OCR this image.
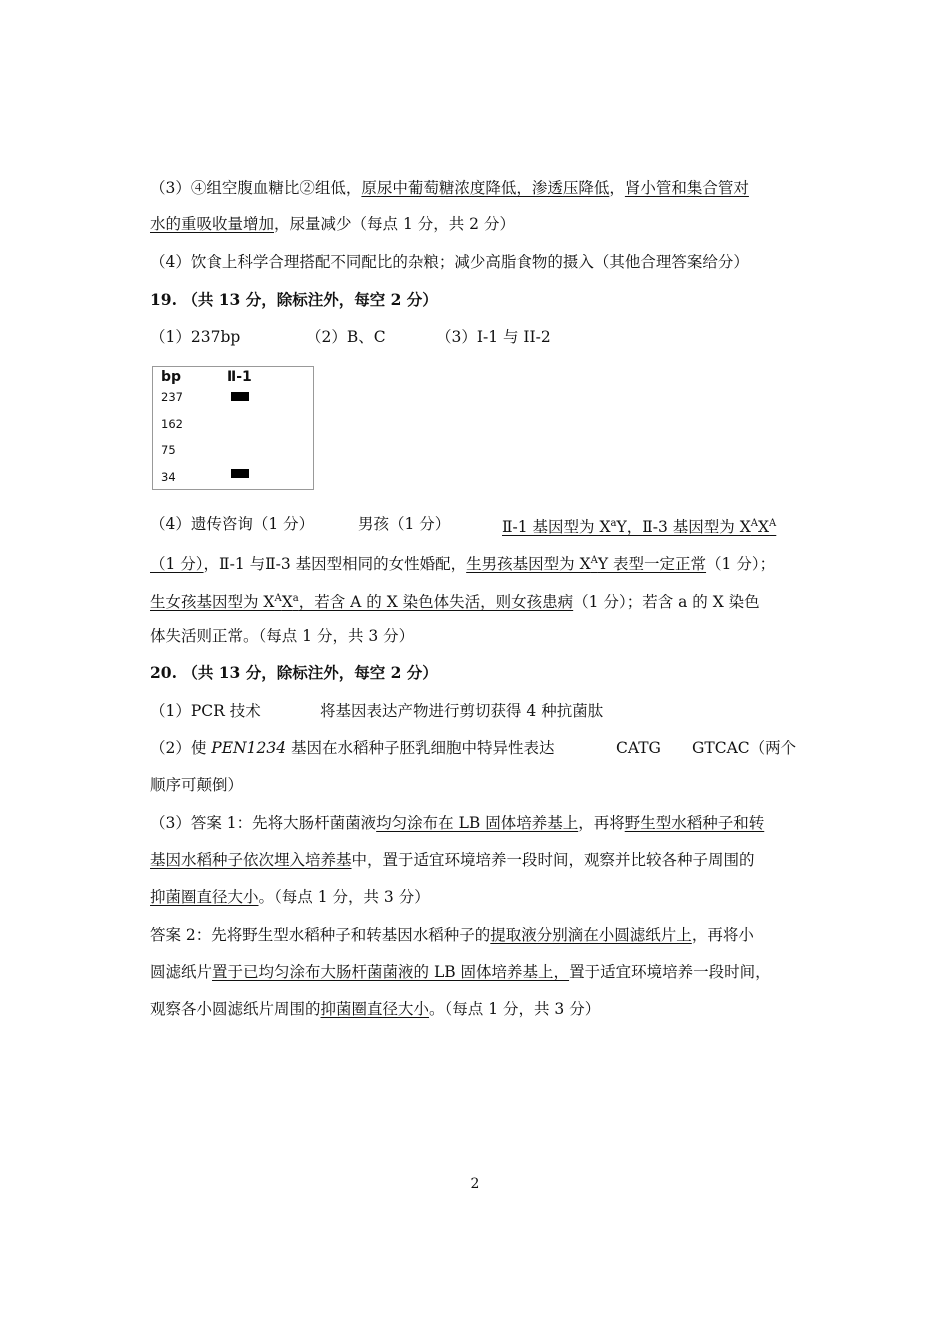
（3）④组空腹血糖比②组低，原尿中葡萄糖浓度降低，渗透压降低，肾小管和集合管对
水的重吸收量增加，尿量减少（每点 1 分，共 2 分）
（4）饮食上科学合理搭配不同配比的杂粮；减少高脂食物的摄入（其他合理答案给分）
19. （共 13 分，除标注外，每空 2 分）
（1）237bp	（2）B、C	（3）I-1 与 II-2
bp	Ⅱ-1
237
162
75
34
（4）遗传咨询（1 分）	男孩（1 分）	Ⅱ-1 基因型为 $X^aY$，Ⅱ-3 基因型为 $X^AX^A$
（1 分），Ⅱ-1 与Ⅱ-3 基因型相同的女性婚配，生男孩基因型为 $X^AY$ 表型一定正常（1 分）；
生女孩基因型为 $X^AX^a$，若含 A 的 X 染色体失活，则女孩患病（1 分）；若含 a 的 X 染色
体失活则正常。（每点 1 分，共 3 分）
20. （共 13 分，除标注外，每空 2 分）
（1）PCR 技术	将基因表达产物进行剪切获得 4 种抗菌肽
（2）使 PEN1234 基因在水稻种子胚乳细胞中特异性表达	CATG GTCAC（两个
顺序可颠倒）
（3）答案 1：先将大肠杆菌菌液均匀涂布在 LB 固体培养基上，再将野生型水稻种子和转
基因水稻种子依次埋入培养基中，置于适宜环境培养一段时间，观察并比较各种子周围的
抑菌圈直径大小。（每点 1 分，共 3 分）
答案 2：先将野生型水稻种子和转基因水稻种子的提取液分别滴在小圆滤纸片上，再将小
圆滤纸片置于已均匀涂布大肠杆菌菌液的 LB 固体培养基上，置于适宜环境培养一段时间，
观察各小圆滤纸片周围的抑菌圈直径大小。（每点 1 分，共 3 分）
2
